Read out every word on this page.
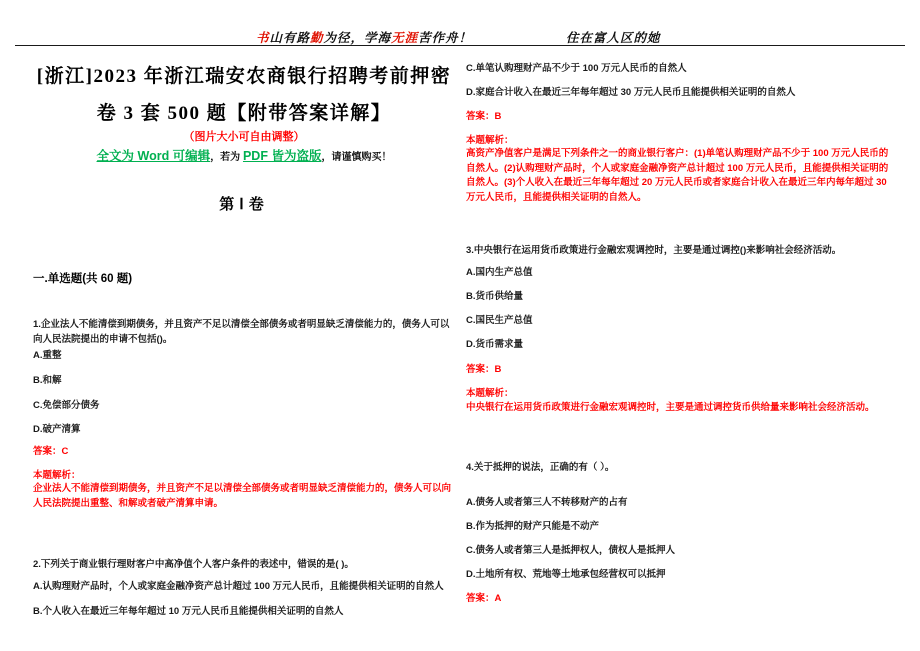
书山有路勤为径，学海无涯苦作舟！	住在富人区的她
[浙江]2023 年浙江瑞安农商银行招聘考前押密卷 3 套 500 题【附带答案详解】

（图片大小可自由调整）

全文为 Word 可编辑，若为 PDF 皆为盗版，请谨慎购买！

第Ⅰ卷
一.单选题(共 60 题)

1.企业法人不能清偿到期债务，并且资产不足以清偿全部债务或者明显缺乏清偿能力的，债务人可以向人民法院提出的申请不包括()。

A.重整

B.和解

C.免偿部分债务

D.破产清算

答案：C

本题解析：

企业法人不能清偿到期债务，并且资产不足以清偿全部债务或者明显缺乏清偿能力的，债务人可以向人民法院提出重整、和解或者破产清算申请。

2.下列关于商业银行理财客户中高净值个人客户条件的表述中，错误的是( )。

A.认购理财产品时，个人或家庭金融净资产总计超过 100 万元人民币，且能提供相关证明的自然人

B.个人收入在最近三年每年超过 10 万元人民币且能提供相关证明的自然人

C.单笔认购理财产品不少于 100 万元人民币的自然人

D.家庭合计收入在最近三年每年超过 30 万元人民币且能提供相关证明的自然人

答案：B

本题解析：

高资产净值客户是满足下列条件之一的商业银行客户：(1)单笔认购理财产品不少于 100 万元人民币的自然人。(2)认购理财产品时，个人或家庭金融净资产总计超过 100 万元人民币，且能提供相关证明的自然人。(3)个人收入在最近三年每年超过 20 万元人民币或者家庭合计收入在最近三年内每年超过 30 万元人民币，且能提供相关证明的自然人。

3.中央银行在运用货币政策进行金融宏观调控时，主要是通过调控()来影响社会经济活动。

A.国内生产总值

B.货币供给量

C.国民生产总值

D.货币需求量

答案：B

本题解析：

中央银行在运用货币政策进行金融宏观调控时，主要是通过调控货币供给量来影响社会经济活动。

4.关于抵押的说法，正确的有（ ）。

A.债务人或者第三人不转移财产的占有

B.作为抵押的财产只能是不动产

C.债务人或者第三人是抵押权人，债权人是抵押人

D.土地所有权、荒地等土地承包经营权可以抵押

答案：A
